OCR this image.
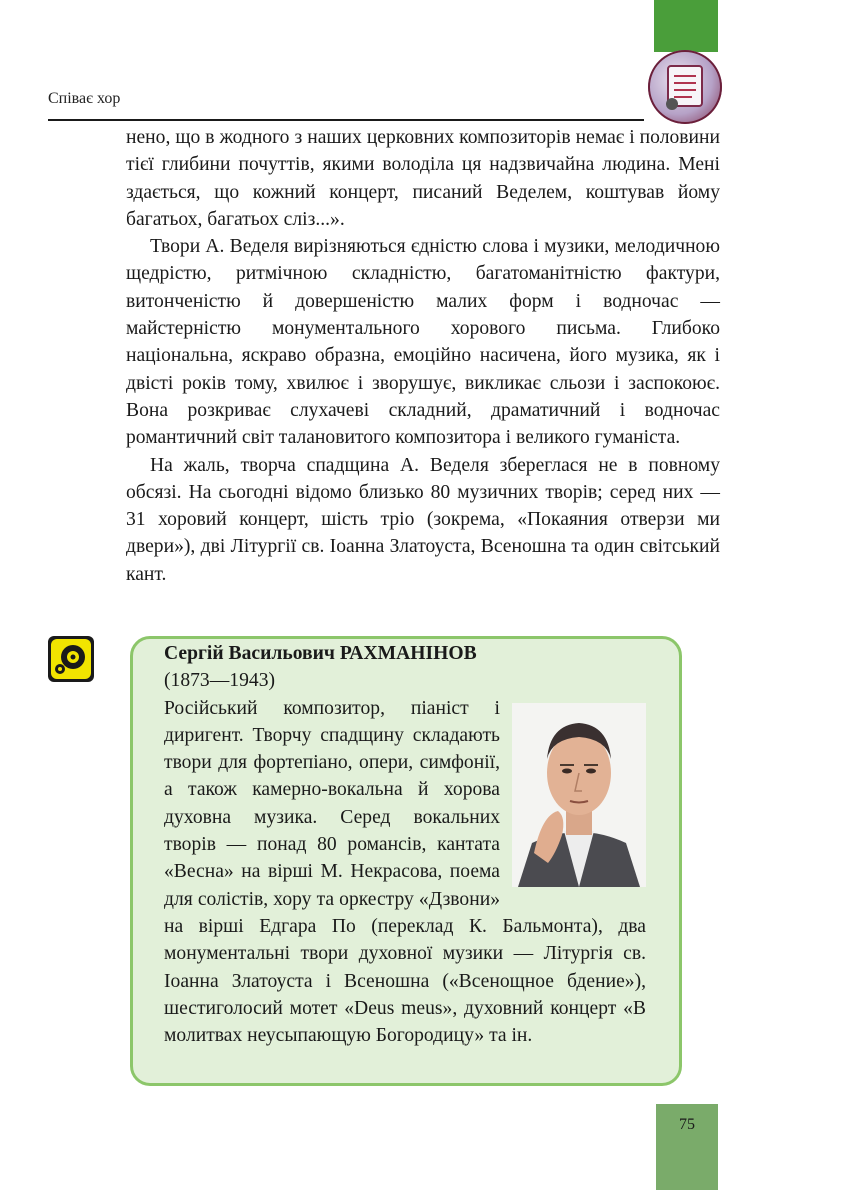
Співає хор

нено, що в жодного з наших церковних композиторів немає і половини тієї глибини почуттів, якими володіла ця надзвичайна людина. Мені здається, що кожний концерт, писаний Веделем, коштував йому багатьох, багатьох сліз...».

Твори А. Веделя вирізняються єдністю слова і музики, мелодичною щедрістю, ритмічною складністю, багатоманітністю фактури, витонченістю й довершеністю малих форм і водночас — майстерністю монументального хорового письма. Глибоко національна, яскраво образна, емоційно насичена, його музика, як і двісті років тому, хвилює і зворушує, викликає сльози і заспокоює. Вона розкриває слухачеві складний, драматичний і водночас романтичний світ талановитого композитора і великого гуманіста.

На жаль, творча спадщина А. Веделя збереглася не в повному обсязі. На сьогодні відомо близько 80 музичних творів; серед них — 31 хоровий концерт, шість тріо (зокрема, «Покаяния отверзи ми двери»), дві Літургії св. Іоанна Златоуста, Всеношна та один світський кант.

Сергій Васильович РАХМАНІНОВ
(1873—1943)
Російський композитор, піаніст і диригент. Творчу спадщину складають твори для фортепіано, опери, симфонії, а також камерно-вокальна й хорова духовна музика. Серед вокальних творів — понад 80 романсів, кантата «Весна» на вірші М. Некрасова, поема для солістів, хору та оркестру «Дзвони» на вірші Едгара По (переклад К. Бальмонта), два монументальні твори духовної музики — Літургія св. Іоанна Златоуста і Всеношна («Всенощное бдение»), шестиголосий мотет «Deus meus», духовний концерт «В молитвах неусыпающую Богородицу» та ін.
75
